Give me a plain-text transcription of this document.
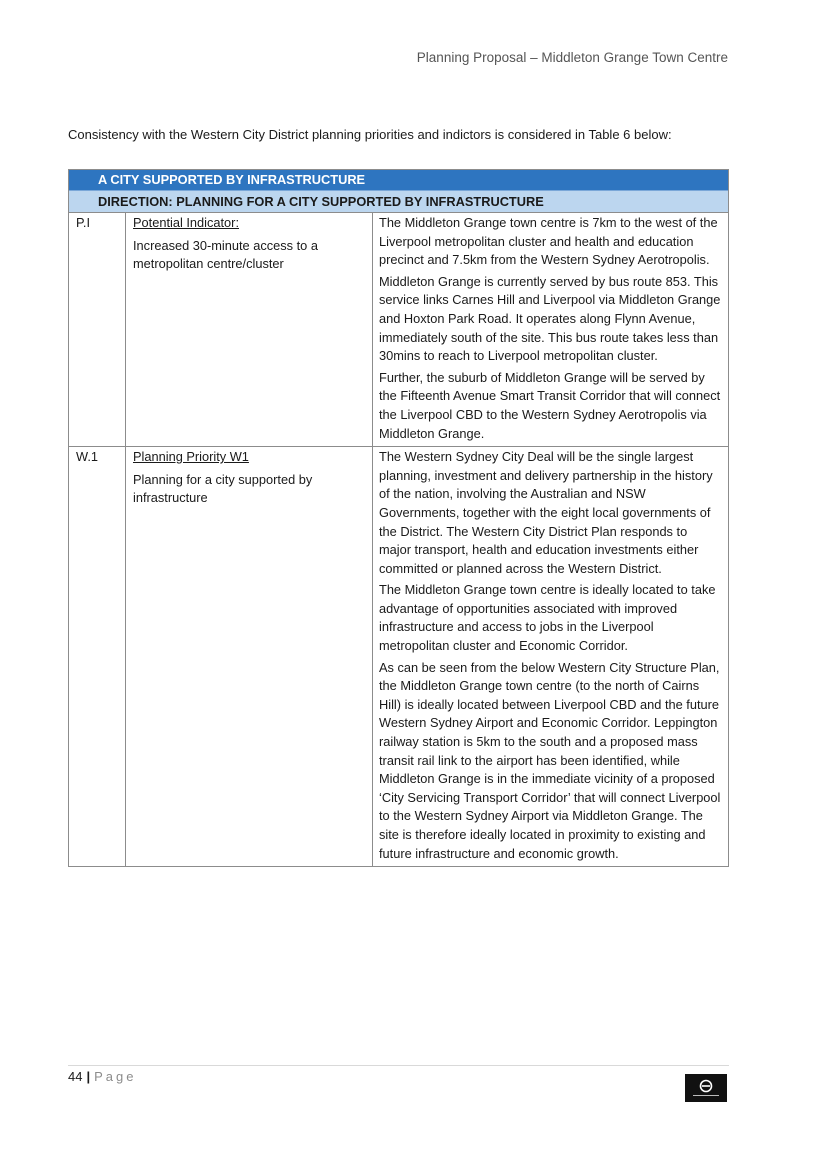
Planning Proposal – Middleton Grange Town Centre
Consistency with the Western City District planning priorities and indictors is considered in Table 6 below:
A CITY SUPPORTED BY INFRASTRUCTURE
DIRECTION: PLANNING FOR A CITY SUPPORTED BY INFRASTRUCTURE
P.I	Potential Indicator:
Increased 30-minute access to a metropolitan centre/cluster

The Middleton Grange town centre is 7km to the west of the Liverpool metropolitan cluster and health and education precinct and 7.5km from the Western Sydney Aerotropolis.

Middleton Grange is currently served by bus route 853. This service links Carnes Hill and Liverpool via Middleton Grange and Hoxton Park Road. It operates along Flynn Avenue, immediately south of the site. This bus route takes less than 30mins to reach to Liverpool metropolitan cluster.

Further, the suburb of Middleton Grange will be served by the Fifteenth Avenue Smart Transit Corridor that will connect the Liverpool CBD to the Western Sydney Aerotropolis via Middleton Grange.

W.1	Planning Priority W1
Planning for a city supported by infrastructure

The Western Sydney City Deal will be the single largest planning, investment and delivery partnership in the history of the nation, involving the Australian and NSW Governments, together with the eight local governments of the District. The Western City District Plan responds to major transport, health and education investments either committed or planned across the Western District.

The Middleton Grange town centre is ideally located to take advantage of opportunities associated with improved infrastructure and access to jobs in the Liverpool metropolitan cluster and Economic Corridor.

As can be seen from the below Western City Structure Plan, the Middleton Grange town centre (to the north of Cairns Hill) is ideally located between Liverpool CBD and the future Western Sydney Airport and Economic Corridor. Leppington railway station is 5km to the south and a proposed mass transit rail link to the airport has been identified, while Middleton Grange is in the immediate vicinity of a proposed ‘City Servicing Transport Corridor’ that will connect Liverpool to the Western Sydney Airport via Middleton Grange. The site is therefore ideally located in proximity to existing and future infrastructure and economic growth.

44 | Page
